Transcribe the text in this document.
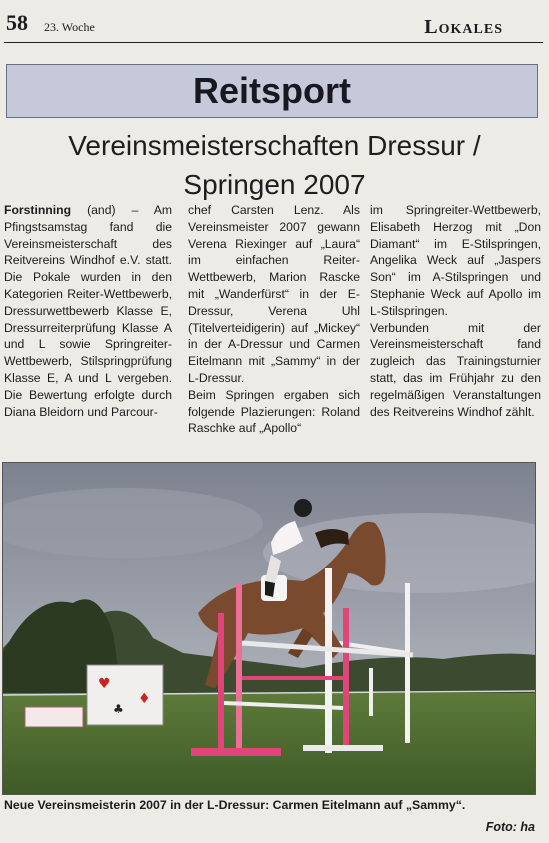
58 23. Woche	Lokales
Reitsport
Vereinsmeisterschaften Dressur /
Springen 2007

Forstinning (and) – Am Pfingstsamstag fand die Vereinsmeisterschaft des Reitvereins Windhof e.V. statt. Die Pokale wurden in den Kategorien Reiter-Wettbewerb, Dressurwettbewerb Klasse E, Dressurreiterprüfung Klasse A und L sowie Springreiter-Wettbewerb, Stilspringprüfung Klasse E, A und L vergeben. Die Bewertung erfolgte durch Diana Bleidorn und Parcour-

chef Carsten Lenz. Als Vereinsmeister 2007 gewann Verena Riexinger auf „Laura“ im einfachen Reiter-Wettbewerb, Marion Rascke mit „Wanderfürst“ in der E-Dressur, Verena Uhl (Titelverteidigerin) auf „Mickey“ in der A-Dressur und Carmen Eitelmann mit „Sammy“ in der L-Dressur.

Beim Springen ergaben sich folgende Plazierungen: Roland Raschke auf „Apollo“

im Springreiter-Wettbewerb, Elisabeth Herzog mit „Don Diamant“ im E-Stilspringen, Angelika Weck auf „Jaspers Son“ im A-Stilspringen und Stephanie Weck auf Apollo im L-Stilspringen.

Verbunden mit der Vereinsmeisterschaft fand zugleich das Trainingsturnier statt, das im Frühjahr zu den regelmäßigen Veranstaltungen des Reitvereins Windhof zählt.

♥
♦
♣
Neue Vereinsmeisterin 2007 in der L-Dressur: Carmen Eitelmann auf „Sammy“.
Foto: ha
